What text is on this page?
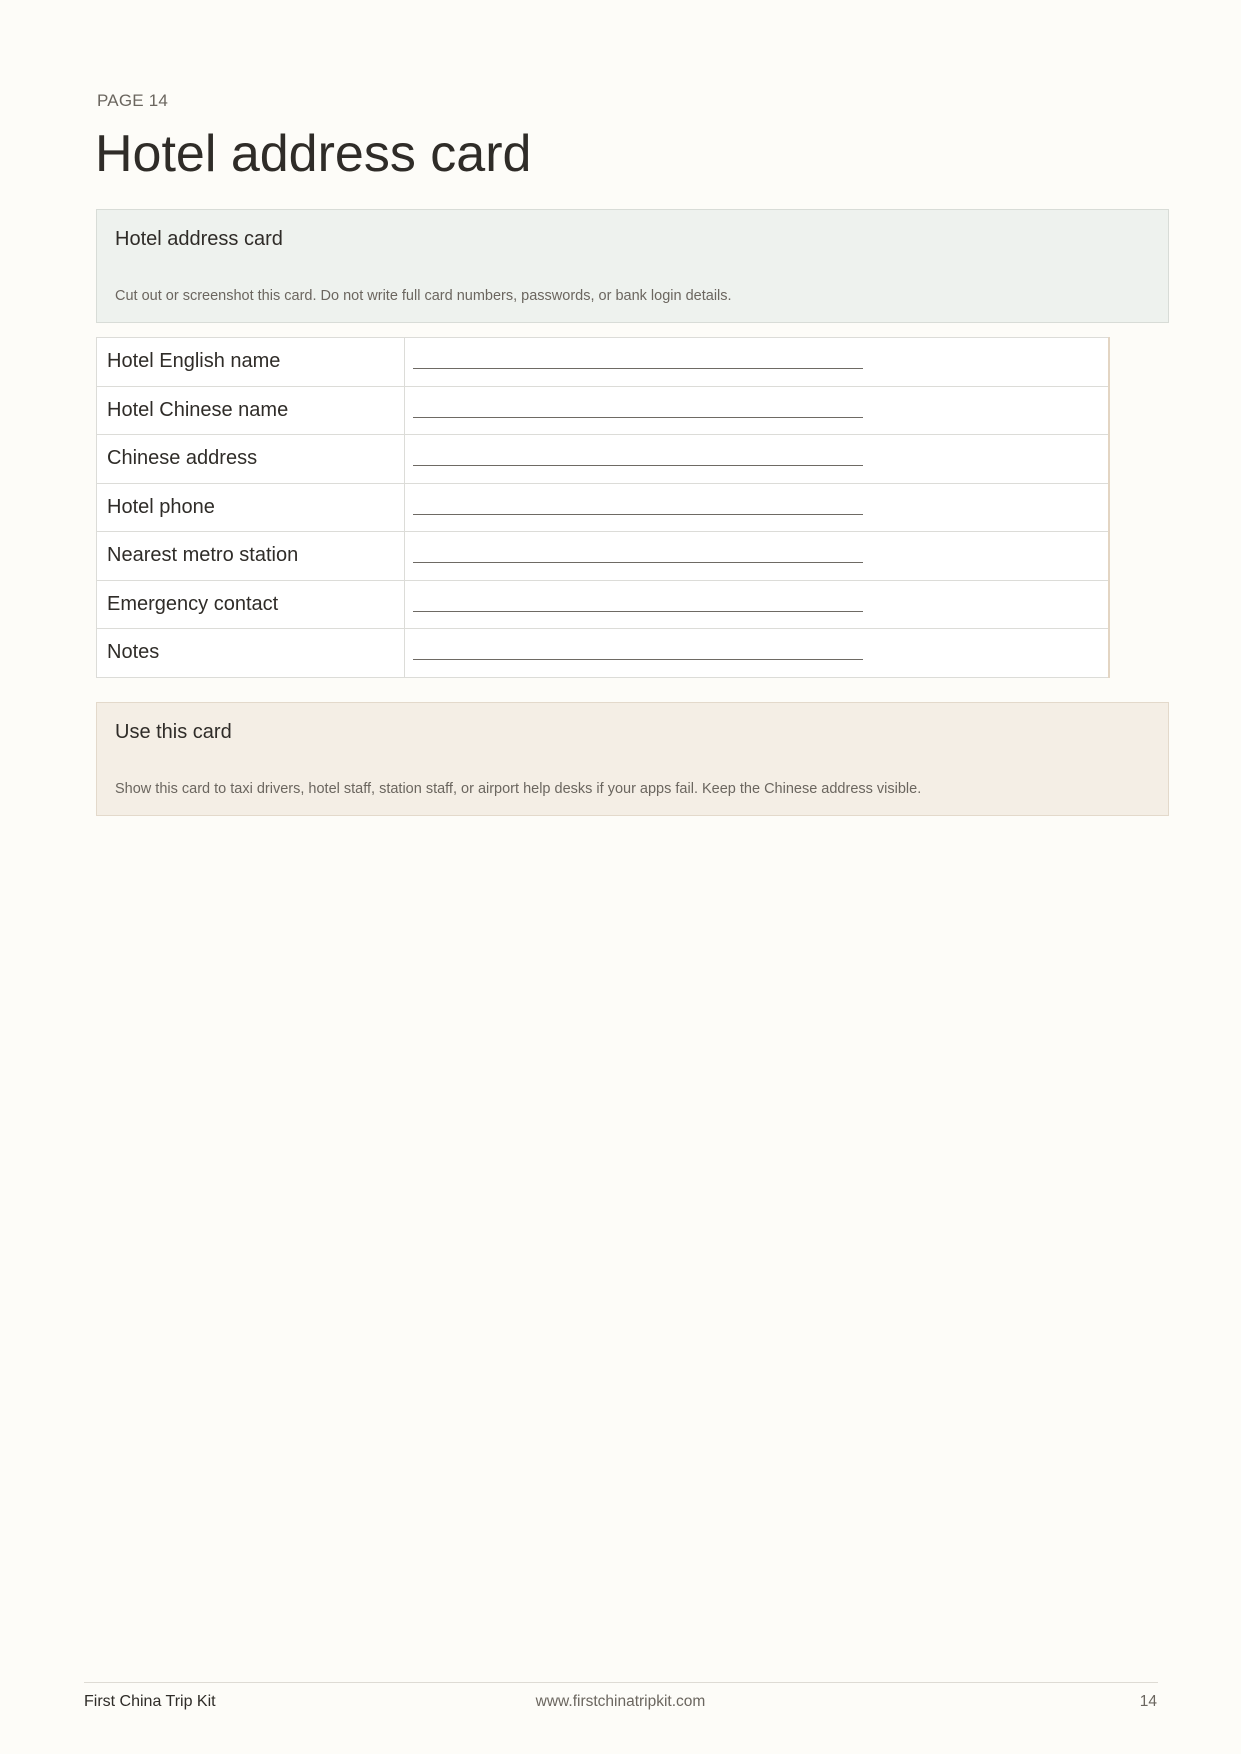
PAGE 14
Hotel address card
Hotel address card
Cut out or screenshot this card. Do not write full card numbers, passwords, or bank login details.
Hotel English name	

Hotel Chinese name	

Chinese address	

Hotel phone	

Nearest metro station	

Emergency contact	

Notes	
Use this card
Show this card to taxi drivers, hotel staff, station staff, or airport help desks if your apps fail. Keep the Chinese address visible.
First China Trip Kit	www.firstchinatripkit.com	14
